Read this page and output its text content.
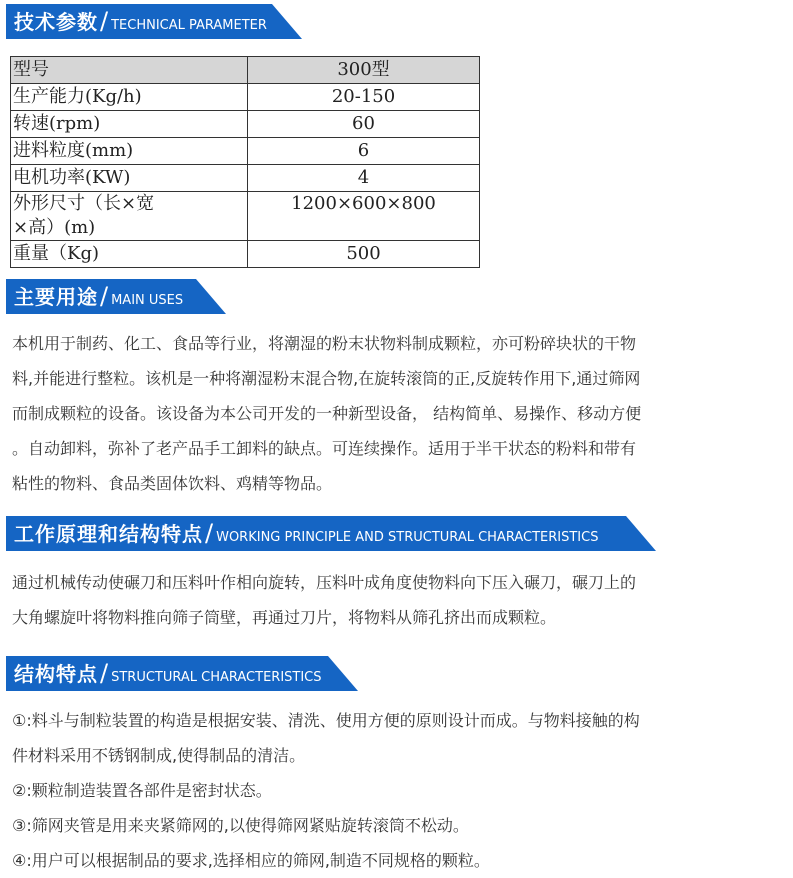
技术参数/ TECHNICAL PARAMETER
型号	300型
生产能力(Kg/h)	20-150
转速(rpm)	60
进料粒度(mm)	6
电机功率(KW)	4

外形尺寸（长×宽
×高）(m)	1200×600×800
重量（Kg)	500
主要用途/ MAIN USES
本机用于制药、化工、食品等行业，将潮湿的粉末状物料制成颗粒，亦可粉碎块状的干物
料,并能进行整粒。该机是一种将潮湿粉末混合物,在旋转滚筒的正,反旋转作用下,通过筛网
而制成颗粒的设备。该设备为本公司开发的一种新型设备， 结构简单、易操作、移动方便
。自动卸料，弥补了老产品手工卸料的缺点。可连续操作。适用于半干状态的粉料和带有
粘性的物料、食品类固体饮料、鸡精等物品。
工作原理和结构特点/ WORKING PRINCIPLE AND STRUCTURAL CHARACTERISTICS
通过机械传动使碾刀和压料叶作相向旋转，压料叶成角度使物料向下压入碾刀，碾刀上的
大角螺旋叶将物料推向筛子筒壁，再通过刀片，将物料从筛孔挤出而成颗粒。
结构特点/ STRUCTURAL CHARACTERISTICS
①:料斗与制粒装置的构造是根据安装、清洗、使用方便的原则设计而成。与物料接触的构
件材料采用不锈钢制成,使得制品的清洁。
②:颗粒制造装置各部件是密封状态。
③:筛网夹管是用来夹紧筛网的,以使得筛网紧贴旋转滚筒不松动。
④:用户可以根据制品的要求,选择相应的筛网,制造不同规格的颗粒。
